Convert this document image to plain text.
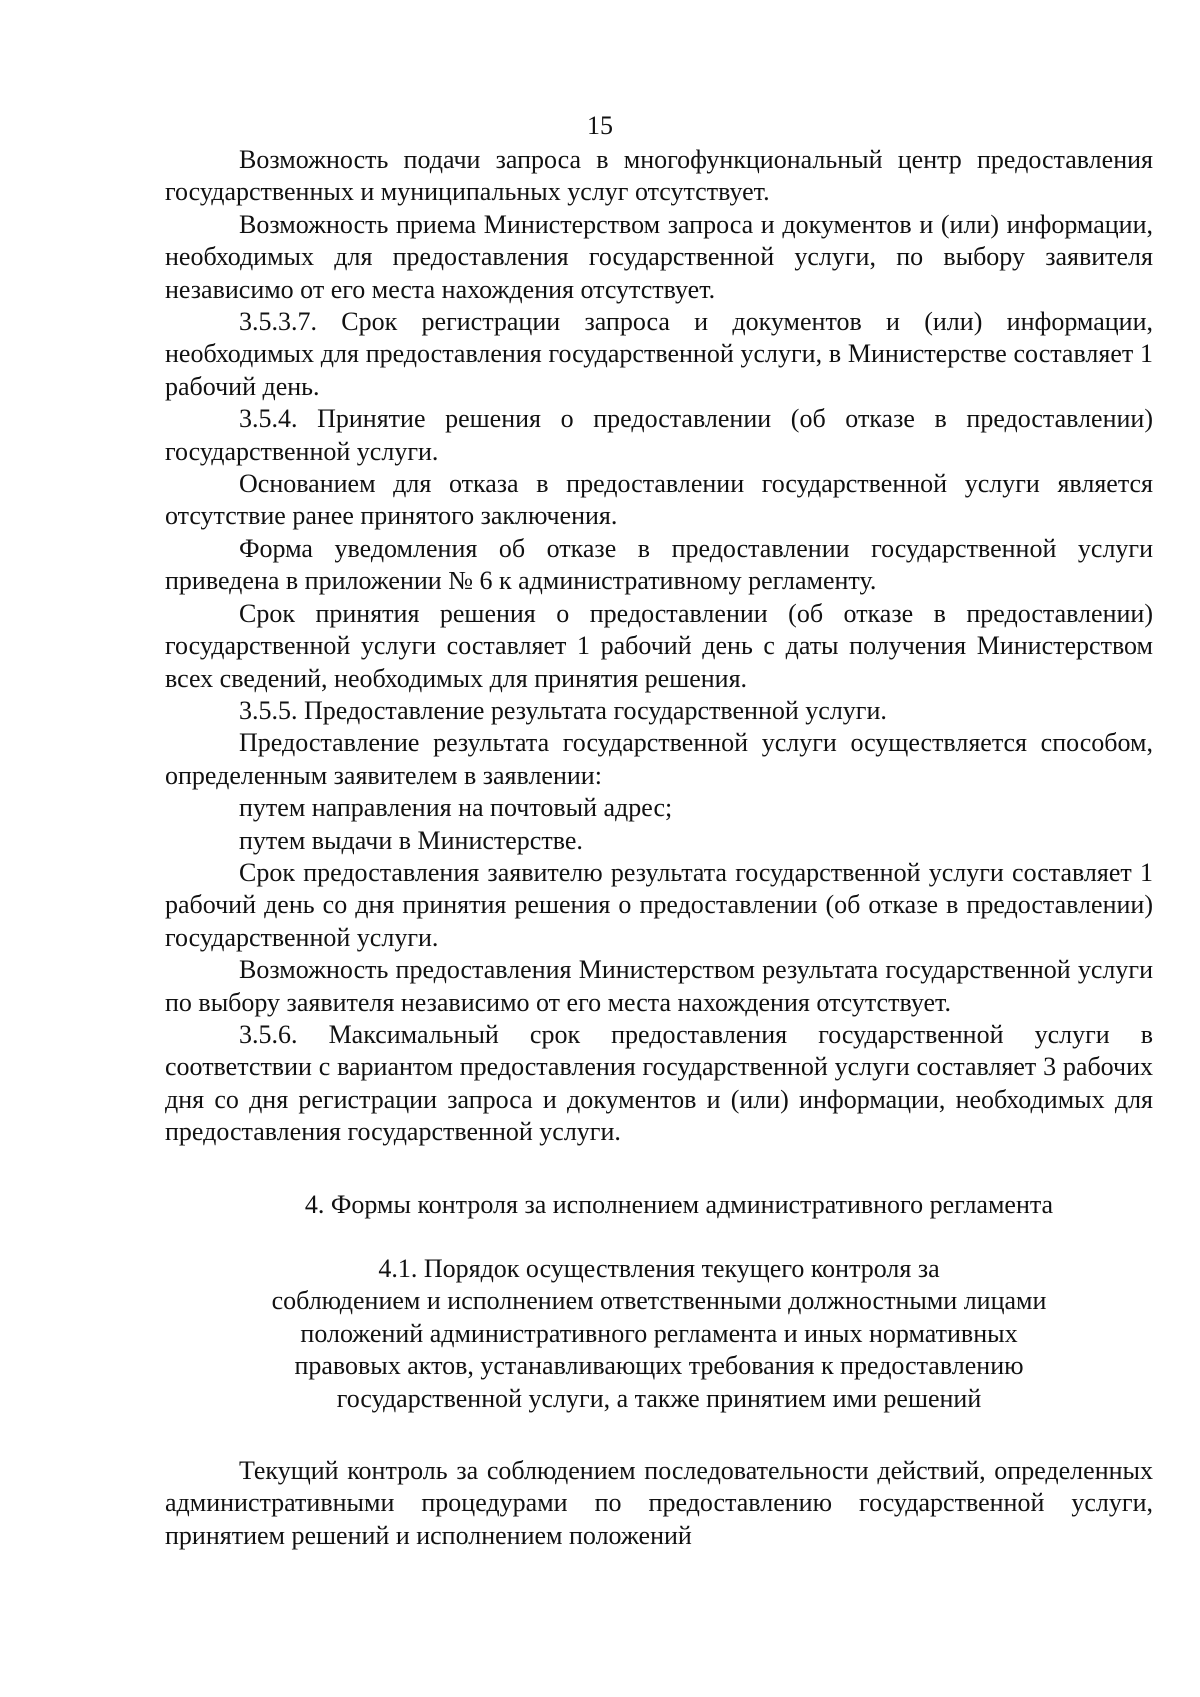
15

Возможность подачи запроса в многофункциональный центр предоставления государственных и муниципальных услуг отсутствует.

Возможность приема Министерством запроса и документов и (или) информации, необходимых для предоставления государственной услуги, по выбору заявителя независимо от его места нахождения отсутствует.

3.5.3.7. Срок регистрации запроса и документов и (или) информации, необходимых для предоставления государственной услуги, в Министерстве составляет 1 рабочий день.

3.5.4. Принятие решения о предоставлении (об отказе в предоставлении) государственной услуги.

Основанием для отказа в предоставлении государственной услуги является отсутствие ранее принятого заключения.

Форма уведомления об отказе в предоставлении государственной услуги приведена в приложении № 6 к административному регламенту.

Срок принятия решения о предоставлении (об отказе в предоставлении) государственной услуги составляет 1 рабочий день с даты получения Министерством всех сведений, необходимых для принятия решения.

3.5.5. Предоставление результата государственной услуги.

Предоставление результата государственной услуги осуществляется способом, определенным заявителем в заявлении:

путем направления на почтовый адрес;

путем выдачи в Министерстве.

Срок предоставления заявителю результата государственной услуги составляет 1 рабочий день со дня принятия решения о предоставлении (об отказе в предоставлении) государственной услуги.

Возможность предоставления Министерством результата государственной услуги по выбору заявителя независимо от его места нахождения отсутствует.

3.5.6. Максимальный срок предоставления государственной услуги в соответствии с вариантом предоставления государственной услуги составляет 3 рабочих дня со дня регистрации запроса и документов и (или) информации, необходимых для предоставления государственной услуги.

4. Формы контроля за исполнением административного регламента

4.1. Порядок осуществления текущего контроля за
соблюдением и исполнением ответственными должностными лицами
положений административного регламента и иных нормативных
правовых актов, устанавливающих требования к предоставлению
государственной услуги, а также принятием ими решений

Текущий контроль за соблюдением последовательности действий, определенных административными процедурами по предоставлению государственной услуги, принятием решений и исполнением положений
